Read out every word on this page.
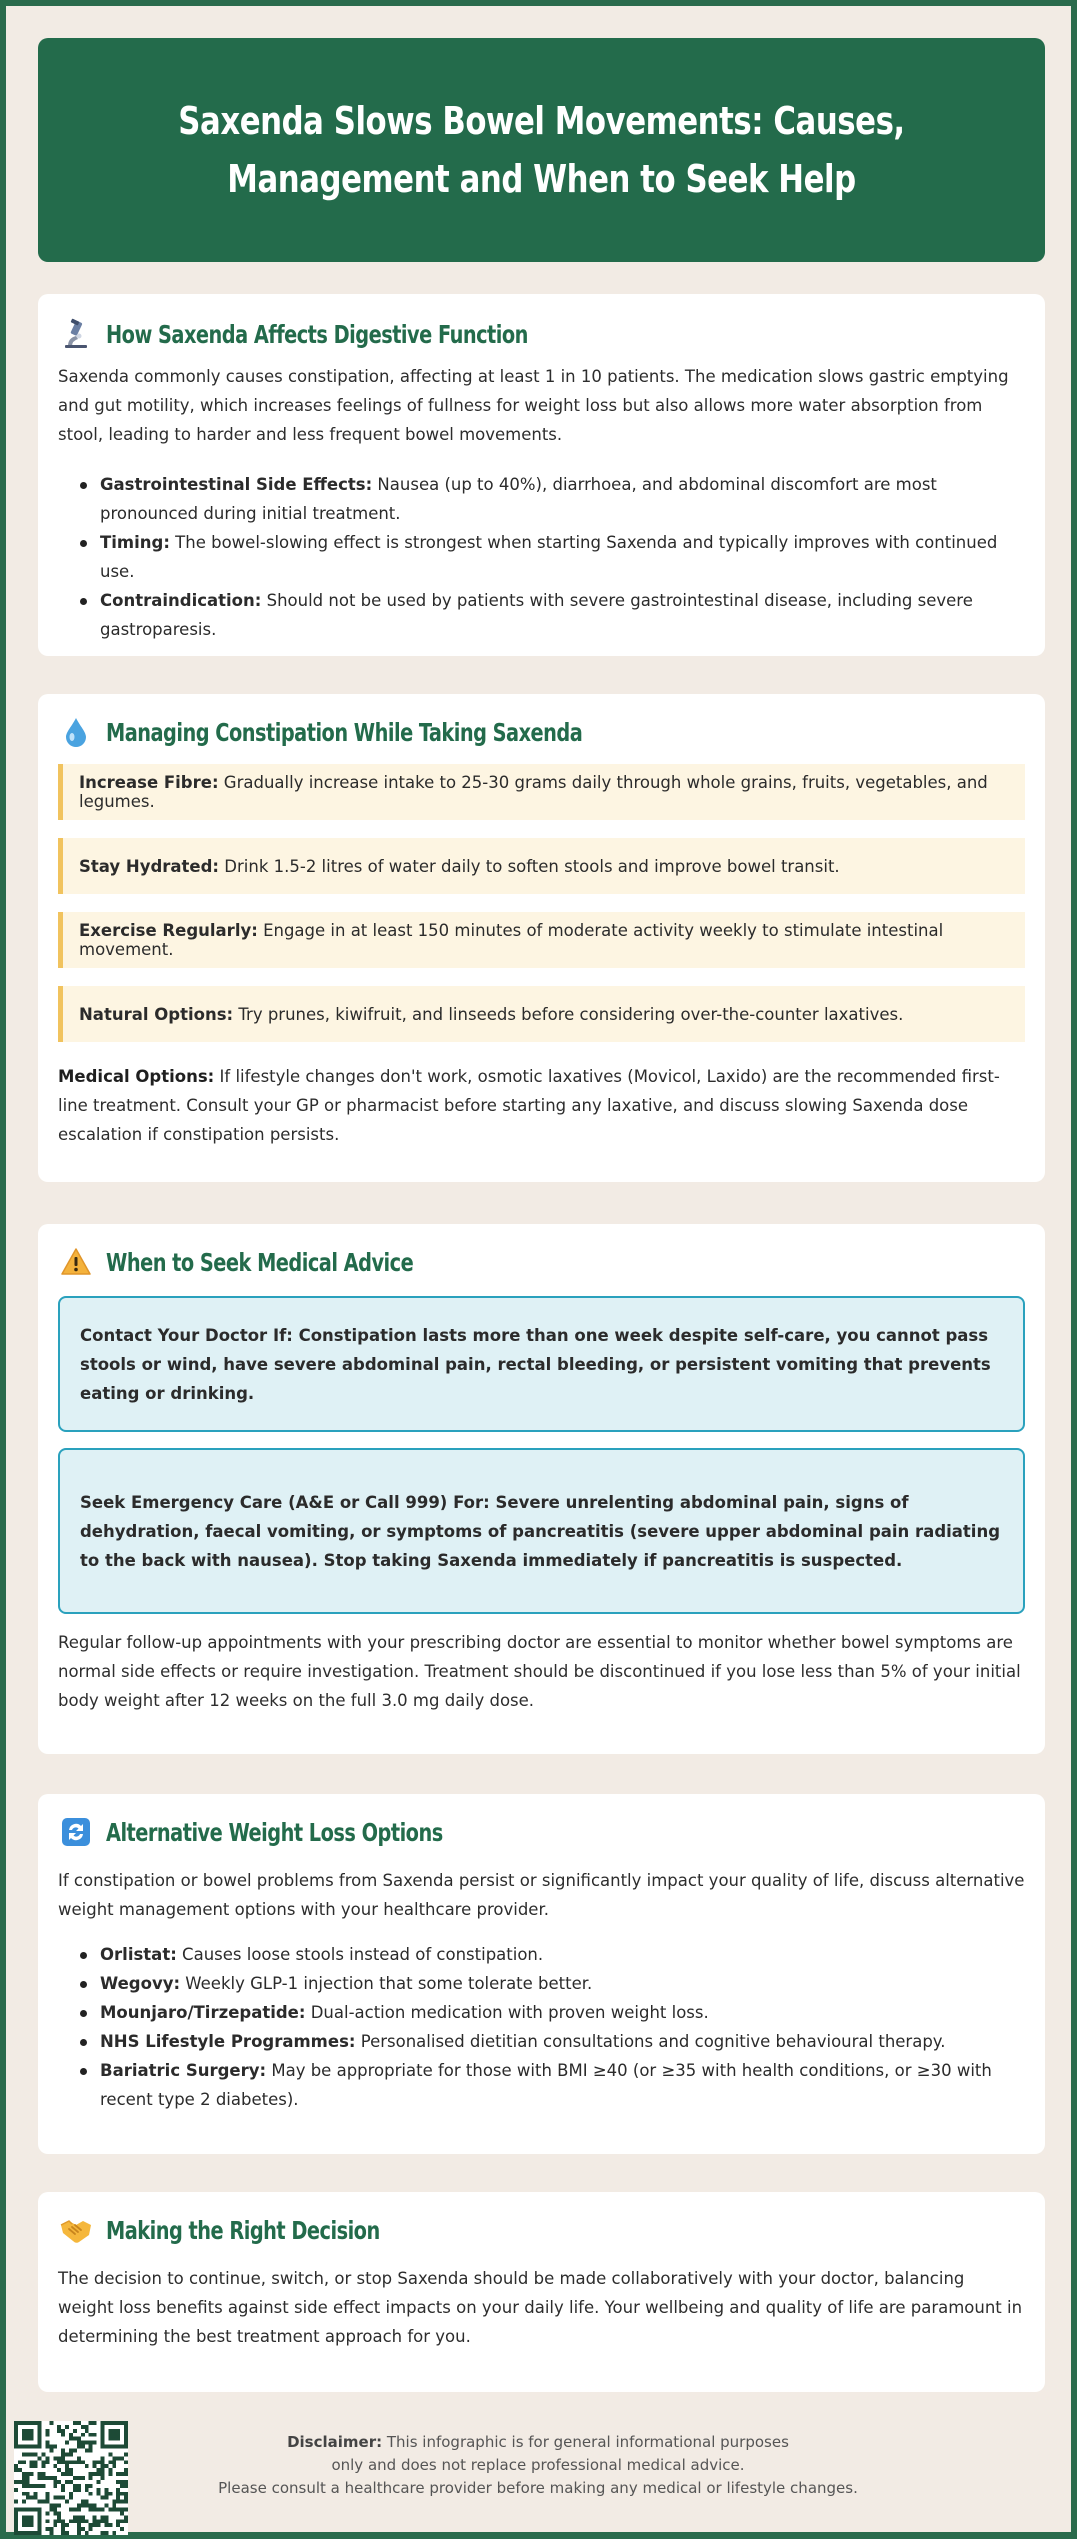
Saxenda Slows Bowel Movements: Causes, Management and When to Seek Help
How Saxenda Affects Digestive Function

Saxenda commonly causes constipation, affecting at least 1 in 10 patients. The medication slows gastric emptying and gut motility, which increases feelings of fullness for weight loss but also allows more water absorption from stool, leading to harder and less frequent bowel movements.

Gastrointestinal Side Effects: Nausea (up to 40%), diarrhoea, and abdominal discomfort are most pronounced during initial treatment.
Timing: The bowel-slowing effect is strongest when starting Saxenda and typically improves with continued use.
Contraindication: Should not be used by patients with severe gastrointestinal disease, including severe gastroparesis.
Managing Constipation While Taking Saxenda
Increase Fibre: Gradually increase intake to 25-30 grams daily through whole grains, fruits, vegetables, and legumes.
Stay Hydrated: Drink 1.5-2 litres of water daily to soften stools and improve bowel transit.
Exercise Regularly: Engage in at least 150 minutes of moderate activity weekly to stimulate intestinal movement.
Natural Options: Try prunes, kiwifruit, and linseeds before considering over-the-counter laxatives.

Medical Options: If lifestyle changes don't work, osmotic laxatives (Movicol, Laxido) are the recommended first-line treatment. Consult your GP or pharmacist before starting any laxative, and discuss slowing Saxenda dose escalation if constipation persists.

When to Seek Medical Advice
Contact Your Doctor If: Constipation lasts more than one week despite self-care, you cannot pass stools or wind, have severe abdominal pain, rectal bleeding, or persistent vomiting that prevents eating or drinking.
Seek Emergency Care (A&E or Call 999) For: Severe unrelenting abdominal pain, signs of dehydration, faecal vomiting, or symptoms of pancreatitis (severe upper abdominal pain radiating to the back with nausea). Stop taking Saxenda immediately if pancreatitis is suspected.

Regular follow-up appointments with your prescribing doctor are essential to monitor whether bowel symptoms are normal side effects or require investigation. Treatment should be discontinued if you lose less than 5% of your initial body weight after 12 weeks on the full 3.0 mg daily dose.

Alternative Weight Loss Options

If constipation or bowel problems from Saxenda persist or significantly impact your quality of life, discuss alternative weight management options with your healthcare provider.

Orlistat: Causes loose stools instead of constipation.
Wegovy: Weekly GLP-1 injection that some tolerate better.
Mounjaro/Tirzepatide: Dual-action medication with proven weight loss.
NHS Lifestyle Programmes: Personalised dietitian consultations and cognitive behavioural therapy.
Bariatric Surgery: May be appropriate for those with BMI ≥40 (or ≥35 with health conditions, or ≥30 with recent type 2 diabetes).
Making the Right Decision

The decision to continue, switch, or stop Saxenda should be made collaboratively with your doctor, balancing weight loss benefits against side effect impacts on your daily life. Your wellbeing and quality of life are paramount in determining the best treatment approach for you.

Disclaimer: This infographic is for general informational purposes
only and does not replace professional medical advice.
Please consult a healthcare provider before making any medical or lifestyle changes.
